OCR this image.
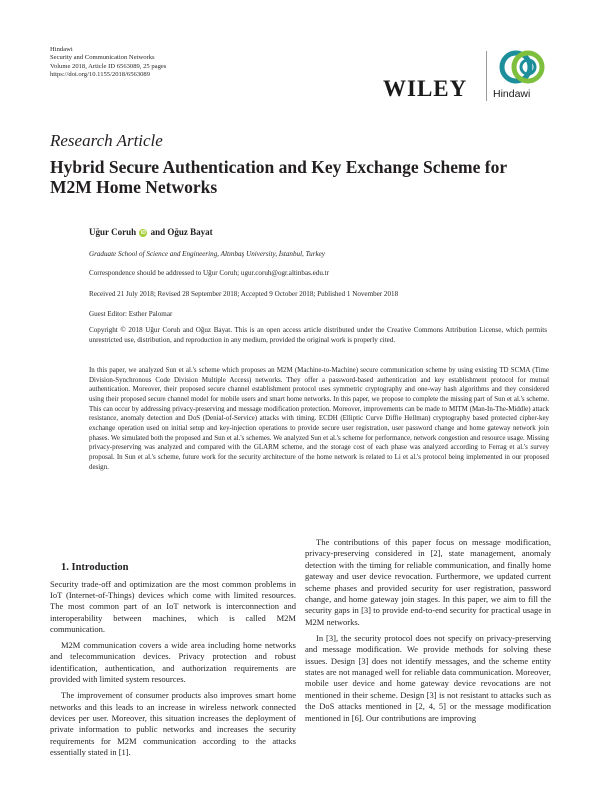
Hindawi
Security and Communication Networks
Volume 2018, Article ID 6563089, 25 pages
https://doi.org/10.1155/2018/6563089
WILEY Hindawi
Research Article
Hybrid Secure Authentication and Key Exchange Scheme for M2M Home Networks
Uğur Coruh iD and Oğuz Bayat
Graduate School of Science and Engineering, Altınbaş University, İstanbul, Turkey
Correspondence should be addressed to Uğur Coruh; ugur.coruh@ogr.altinbas.edu.tr
Received 21 July 2018; Revised 28 September 2018; Accepted 9 October 2018; Published 1 November 2018
Guest Editor: Esther Palomar
Copyright © 2018 Uğur Coruh and Oğuz Bayat. This is an open access article distributed under the Creative Commons Attribution License, which permits unrestricted use, distribution, and reproduction in any medium, provided the original work is properly cited.
In this paper, we analyzed Sun et al.'s scheme which proposes an M2M (Machine-to-Machine) secure communication scheme by using existing TD SCMA (Time Division-Synchronous Code Division Multiple Access) networks. They offer a password-based authentication and key establishment protocol for mutual authentication. Moreover, their proposed secure channel establishment protocol uses symmetric cryptography and one-way hash algorithms and they considered using their proposed secure channel model for mobile users and smart home networks. In this paper, we propose to complete the missing part of Sun et al.'s scheme. This can occur by addressing privacy-preserving and message modification protection. Moreover, improvements can be made to MITM (Man-In-The-Middle) attack resistance, anomaly detection and DoS (Denial-of-Service) attacks with timing. ECDH (Elliptic Curve Diffie Hellman) cryptography based protected cipher-key exchange operation used on initial setup and key-injection operations to provide secure user registration, user password change and home gateway network join phases. We simulated both the proposed and Sun et al.'s schemes. We analyzed Sun et al.'s scheme for performance, network congestion and resource usage. Missing privacy-preserving was analyzed and compared with the GLARM scheme, and the storage cost of each phase was analyzed according to Ferrag et al.'s survey proposal. In Sun et al.'s scheme, future work for the security architecture of the home network is related to Li et al.'s protocol being implemented in our proposed design.

1. Introduction

Security trade-off and optimization are the most common problems in IoT (Internet-of-Things) devices which come with limited resources. The most common part of an IoT network is interconnection and interoperability between machines, which is called M2M communication.

M2M communication covers a wide area including home networks and telecommunication devices. Privacy protection and robust identification, authentication, and authorization requirements are provided with limited system resources.

The improvement of consumer products also improves smart home networks and this leads to an increase in wireless network connected devices per user. Moreover, this situation increases the deployment of private information to public networks and increases the security requirements for M2M communication according to the attacks essentially stated in [1].

The contributions of this paper focus on message modification, privacy-preserving considered in [2], state management, anomaly detection with the timing for reliable communication, and finally home gateway and user device revocation. Furthermore, we updated current scheme phases and provided security for user registration, password change, and home gateway join stages. In this paper, we aim to fill the security gaps in [3] to provide end-to-end security for practical usage in M2M networks.

In [3], the security protocol does not specify on privacy-preserving and message modification. We provide methods for solving these issues. Design [3] does not identify messages, and the scheme entity states are not managed well for reliable data communication. Moreover, mobile user device and home gateway device revocations are not mentioned in their scheme. Design [3] is not resistant to attacks such as the DoS attacks mentioned in [2, 4, 5] or the message modification mentioned in [6]. Our contributions are improving
